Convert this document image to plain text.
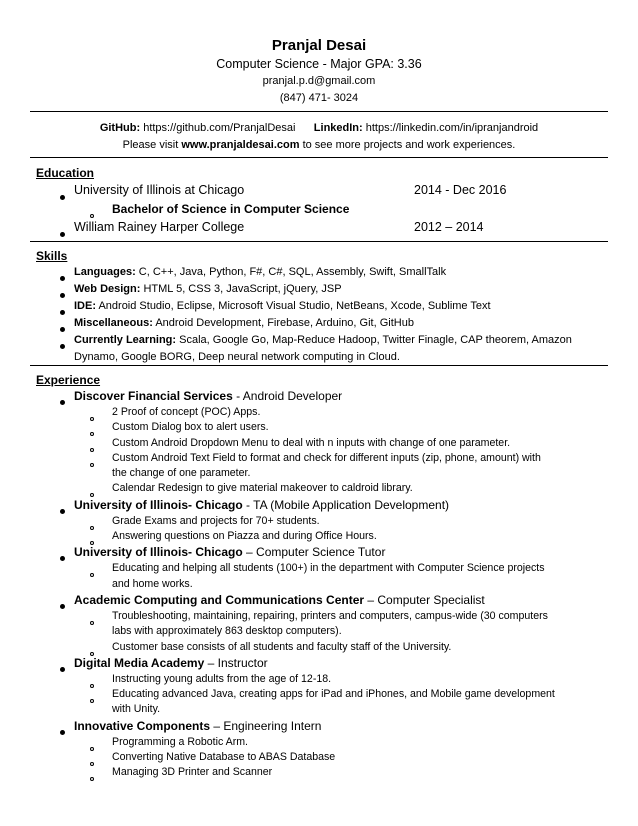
Pranjal Desai
Computer Science - Major GPA: 3.36
pranjal.p.d@gmail.com
(847) 471- 3024
GitHub: https://github.com/PranjalDesai LinkedIn: https://linkedin.com/in/ipranjandroid
Please visit www.pranjaldesai.com to see more projects and work experiences.
Education
University of Illinois at Chicago	2014 - Dec 2016
Bachelor of Science in Computer Science
William Rainey Harper College	2012 – 2014
Skills
Languages: C, C++, Java, Python, F#, C#, SQL, Assembly, Swift, SmallTalk
Web Design: HTML 5, CSS 3, JavaScript, jQuery, JSP
IDE: Android Studio, Eclipse, Microsoft Visual Studio, NetBeans, Xcode, Sublime Text
Miscellaneous: Android Development, Firebase, Arduino, Git, GitHub
Currently Learning: Scala, Google Go, Map-Reduce Hadoop, Twitter Finagle, CAP theorem, Amazon
Dynamo, Google BORG, Deep neural network computing in Cloud.
Experience
Discover Financial Services - Android Developer
2 Proof of concept (POC) Apps.
Custom Dialog box to alert users.
Custom Android Dropdown Menu to deal with n inputs with change of one parameter.
Custom Android Text Field to format and check for different inputs (zip, phone, amount) with
the change of one parameter.
Calendar Redesign to give material makeover to caldroid library.
University of Illinois- Chicago - TA (Mobile Application Development)
Grade Exams and projects for 70+ students.
Answering questions on Piazza and during Office Hours.
University of Illinois- Chicago – Computer Science Tutor
Educating and helping all students (100+) in the department with Computer Science projects
and home works.
Academic Computing and Communications Center – Computer Specialist
Troubleshooting, maintaining, repairing, printers and computers, campus-wide (30 computers
labs with approximately 863 desktop computers).
Customer base consists of all students and faculty staff of the University.
Digital Media Academy – Instructor
Instructing young adults from the age of 12-18.
Educating advanced Java, creating apps for iPad and iPhones, and Mobile game development
with Unity.
Innovative Components – Engineering Intern
Programming a Robotic Arm.
Converting Native Database to ABAS Database
Managing 3D Printer and Scanner
